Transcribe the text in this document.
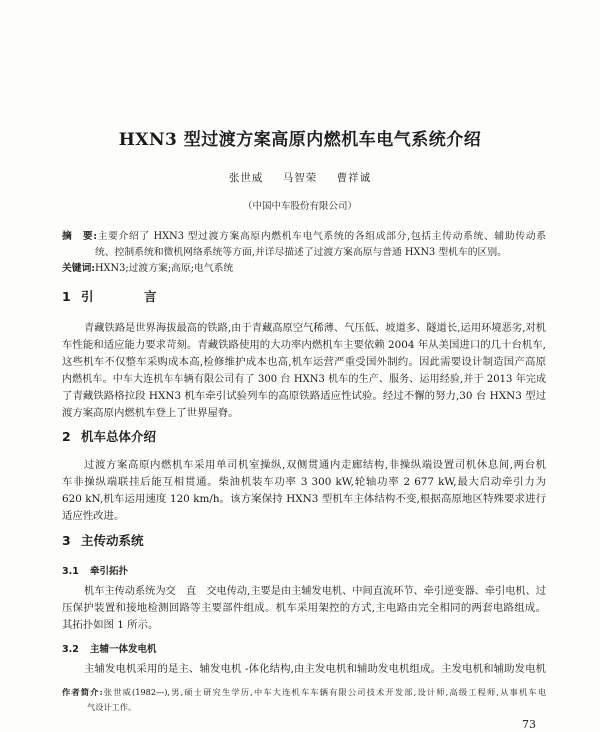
HXN3 型过渡方案高原内燃机车电气系统介绍
张世威 马智荣 曹祥诚
（中国中车股份有限公司）
摘　要:主要介绍了 HXN3 型过渡方案高原内燃机车电气系统的各组成部分,包括主传动系统、辅助传动系
统、控制系统和微机网络系统等方面,并详尽描述了过渡方案高原与普通 HXN3 型机车的区别。
关键词:HXN3;过渡方案;高原;电气系统
1 引　言
青藏铁路是世界海拔最高的铁路,由于青藏高原空气稀薄、气压低、坡道多、隧道长,运用环境恶劣,对机
车性能和适应能力要求苛刻。青藏铁路使用的大功率内燃机车主要依赖 2004 年从美国进口的几十台机车,
这些机车不仅整车采购成本高,检修维护成本也高,机车运营严重受国外制约。因此需要设计制造国产高原
内燃机车。中车大连机车车辆有限公司有了 300 台 HXN3 机车的生产、服务、运用经验,并于 2013 年完成
了青藏铁路格拉段 HXN3 机车牵引试验列车的高原铁路适应性试验。经过不懈的努力,30 台 HXN3 型过
渡方案高原内燃机车登上了世界屋脊。
2 机车总体介绍
过渡方案高原内燃机车采用单司机室操纵,双侧贯通内走廊结构,非操纵端设置司机休息间,两台机
车非操纵端联挂后能互相贯通。柴油机装车功率 3 300 kW,轮轴功率 2 677 kW,最大启动牵引力为
620 kN,机车运用速度 120 km/h。该方案保持 HXN3 型机车主体结构不变,根据高原地区特殊要求进行
适应性改进。
3 主传动系统
3.1 牵引拓扑
机车主传动系统为交　直　交电传动,主要是由主辅发电机、中间直流环节、牵引逆变器、牵引电机、过
压保护装置和接地检测回路等主要部件组成。机车采用架控的方式,主电路由完全相同的两套电路组成。
其拓扑如图 1 所示。
3.2 主辅一体发电机
主辅发电机采用的是主、辅发电机 -体化结构,由主发电机和辅助发电机组成。主发电机和辅助发电机
作者简介:张世威(1982—),男,硕士研究生学历,中车大连机车车辆有限公司技术开发部,设计师,高级工程师,从事机车电
气设计工作。
73
